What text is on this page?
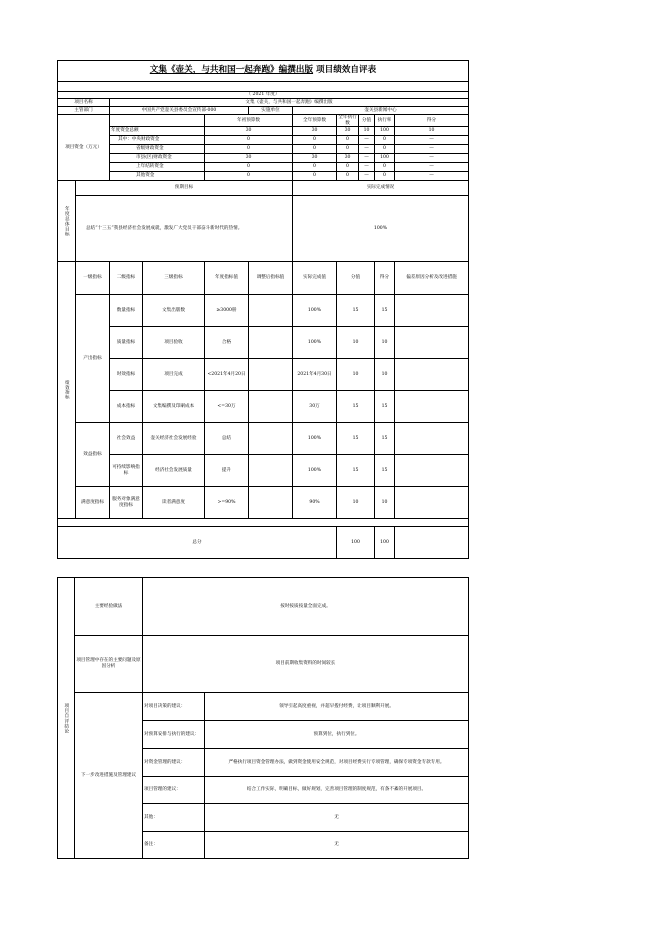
文集《壶关，与共和国一起奔跑》编撰出版 项目绩效自评表										

（ 2021 年度）										
项目名称		文集《壶关，与共和国一起奔跑》编撰出版								
主管部门		中国共产党壶关县委员会宣传部-000			实施单位	壶关县新闻中心				
项目资金（万元）				年初预算数		全年预算数	全年执行数	分值	执行率	得分
		年度资金总额		30		30	30	10	100	10
		其中：中央财政资金		0		0	0	—	0	—
		省级财政资金		0		0	0	—	0	—
		市县(区)财政资金		30		30	30	—	100	—
		上年结转资金		0		0	0	—	0	—
		其他资金		0		0	0	—	0	—
年度总体目标	预期目标					实际完成情况				
	总结“十三五”我县经济社会发展成就，激发广大党员干部奋斗新时代的热情。					100%				
绩效指标	一级指标	二级指标	三级指标	年度指标值	调整后指标值	实际完成值	分值		得分	偏差原因分析及改进措施
	产出指标	数量指标	文集出版数	≥3000册		100%	15		15	
		质量指标	项目验收	合格		100%	10		10	
		时效指标	项目完成	<2021年4月20日		2021年4月30日	10		10	
		成本指标	文集编撰及印刷成本	<=30万		30万	15		15	
	效益指标	社会效益	壶关经济社会发展经验	总结		100%	15		15	
		可持续影响指标	经济社会发展质量	提升		100%	15		15	
	满意度指标	服务对象满意度指标	读者满意度	>=90%		90%	10		10	

总分							100		100	
项目自评结论	主要经验做法	按时按质按量全面完成。	
	项目管理中存在的主要问题及原因分析	项目前期收集资料的时间较长	
	下一步改进措施及管理建议	对项目决策的建议：	领导引起高度重视，并超早拨付经费，让项目顺利开展。
		对预算安排与执行的建议：	预算到位，执行到位。
		对资金管理的建议：	严格执行项目资金管理办法，做到资金使用安全规范，对项目经费实行专项管理，确保专项资金专款专用。
		项目管理的建议：	结合工作实际，明确目标，做好规划，完善项目管理的制度规范，有条不紊的开展项目。
		其他：	无
		备注：	无
